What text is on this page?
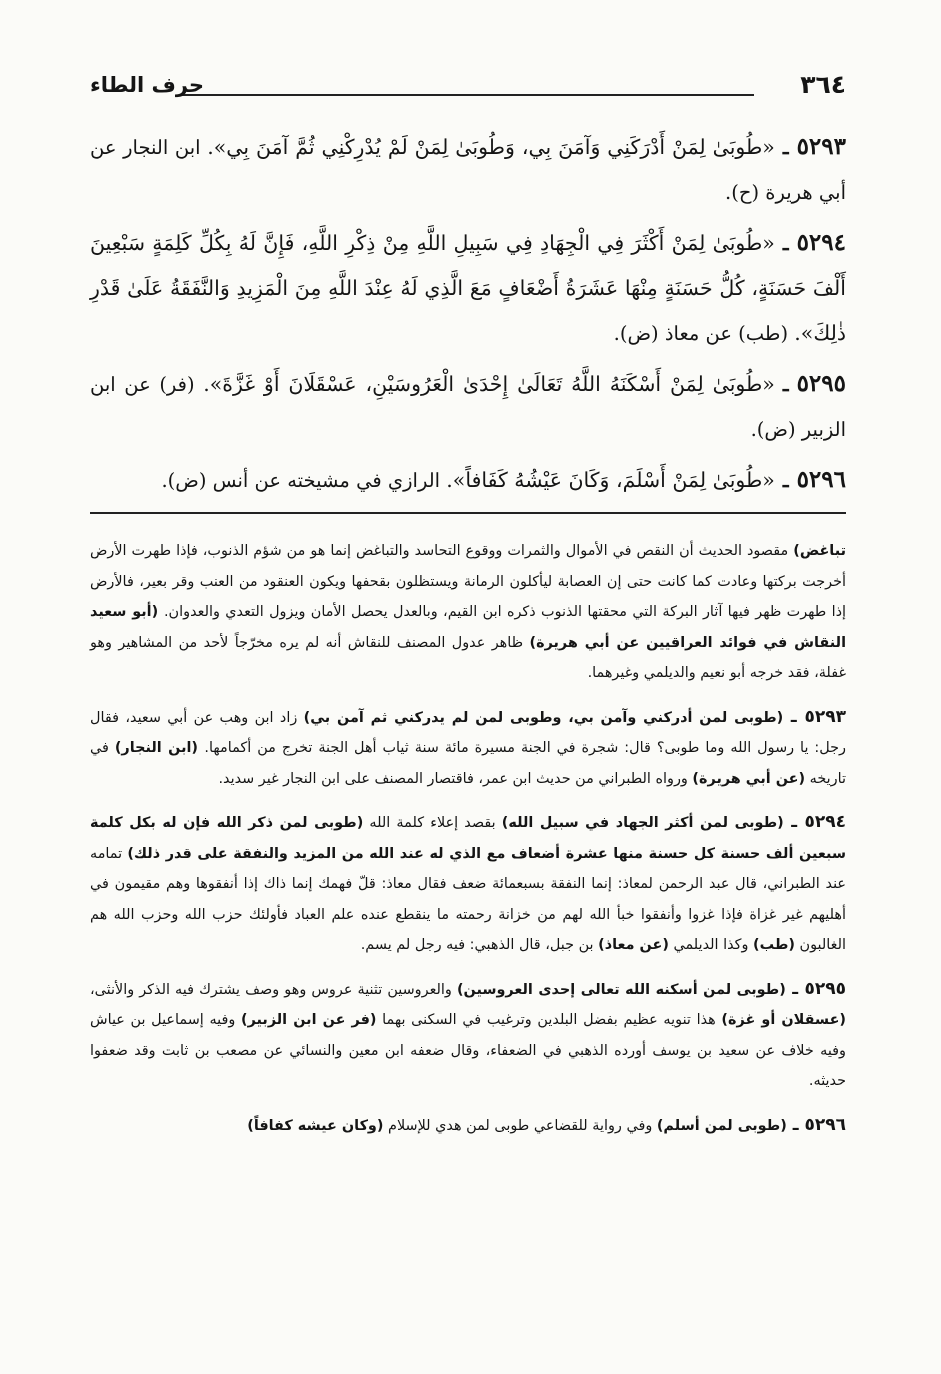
٣٦٤
حرف الطاء

٥٢٩٣ـ«طُوبَىٰ لِمَنْ أَدْرَكَنِي وَآمَنَ بِي، وَطُوبَىٰ لِمَنْ لَمْ يُدْرِكْنِي ثُمَّ آمَنَ بِي». ابن النجار عن أبي هريرة (ح).

٥٢٩٤ـ«طُوبَىٰ لِمَنْ أَكْثَرَ فِي الْجِهَادِ فِي سَبِيلِ اللَّهِ مِنْ ذِكْرِ اللَّهِ، فَإِنَّ لَهُ بِكُلِّ كَلِمَةٍ سَبْعِينَ أَلْفَ حَسَنَةٍ، كُلُّ حَسَنَةٍ مِنْهَا عَشَرَةُ أَضْعَافٍ مَعَ الَّذِي لَهُ عِنْدَ اللَّهِ مِنَ الْمَزِيدِ وَالنَّفَقَةُ عَلَىٰ قَدْرِ ذٰلِكَ». (طب) عن معاذ (ض).

٥٢٩٥ـ«طُوبَىٰ لِمَنْ أَسْكَنَهُ اللَّهُ تَعَالَىٰ إِحْدَىٰ الْعَرُوسَيْنِ، عَسْقَلَانَ أَوْ غَزَّةَ». (فر) عن ابن الزبير (ض).

٥٢٩٦ـ«طُوبَىٰ لِمَنْ أَسْلَمَ، وَكَانَ عَيْشُهُ كَفَافاً». الرازي في مشيخته عن أنس (ض).

تباغض) مقصود الحديث أن النقص في الأموال والثمرات ووقوع التحاسد والتباغض إنما هو من شؤم الذنوب، فإذا طهرت الأرض أخرجت بركتها وعادت كما كانت حتى إن العصابة ليأكلون الرمانة ويستظلون بقحفها ويكون العنقود من العنب وقر بعير، فالأرض إذا طهرت ظهر فيها آثار البركة التي محقتها الذنوب ذكره ابن القيم، وبالعدل يحصل الأمان ويزول التعدي والعدوان. (أبو سعيد النقاش في فوائد العراقيين عن أبي هريرة) ظاهر عدول المصنف للنقاش أنه لم يره مخرّجاً لأحد من المشاهير وهو غفلة، فقد خرجه أبو نعيم والديلمي وغيرهما.

٥٢٩٣ ـ (طوبى لمن أدركني وآمن بي، وطوبى لمن لم يدركني ثم آمن بي) زاد ابن وهب عن أبي سعيد، فقال رجل: يا رسول الله وما طوبى؟ قال: شجرة في الجنة مسيرة مائة سنة ثياب أهل الجنة تخرج من أكمامها. (ابن النجار) في تاريخه (عن أبي هريرة) ورواه الطبراني من حديث ابن عمر، فاقتصار المصنف على ابن النجار غير سديد.

٥٢٩٤ ـ (طوبى لمن أكثر الجهاد في سبيل الله) بقصد إعلاء كلمة الله (طوبى لمن ذكر الله فإن له بكل كلمة سبعين ألف حسنة كل حسنة منها عشرة أضعاف مع الذي له عند الله من المزيد والنفقة على قدر ذلك) تمامه عند الطبراني، قال عبد الرحمن لمعاذ: إنما النفقة بسبعمائة ضعف فقال معاذ: قلّ فهمك إنما ذاك إذا أنفقوها وهم مقيمون في أهليهم غير غزاة فإذا غزوا وأنفقوا خبأ الله لهم من خزانة رحمته ما ينقطع عنده علم العباد فأولئك حزب الله وحزب الله هم الغالبون (طب) وكذا الديلمي (عن معاذ) بن جبل، قال الذهبي: فيه رجل لم يسم.

٥٢٩٥ ـ (طوبى لمن أسكنه الله تعالى إحدى العروسين) والعروسين تثنية عروس وهو وصف يشترك فيه الذكر والأنثى، (عسقلان أو غزة) هذا تنويه عظيم بفضل البلدين وترغيب في السكنى بهما (فر عن ابن الزبير) وفيه إسماعيل بن عياش وفيه خلاف عن سعيد بن يوسف أورده الذهبي في الضعفاء، وقال ضعفه ابن معين والنسائي عن مصعب بن ثابت وقد ضعفوا حديثه.

٥٢٩٦ ـ (طوبى لمن أسلم) وفي رواية للقضاعي طوبى لمن هدي للإسلام (وكان عيشه كفافاً)
